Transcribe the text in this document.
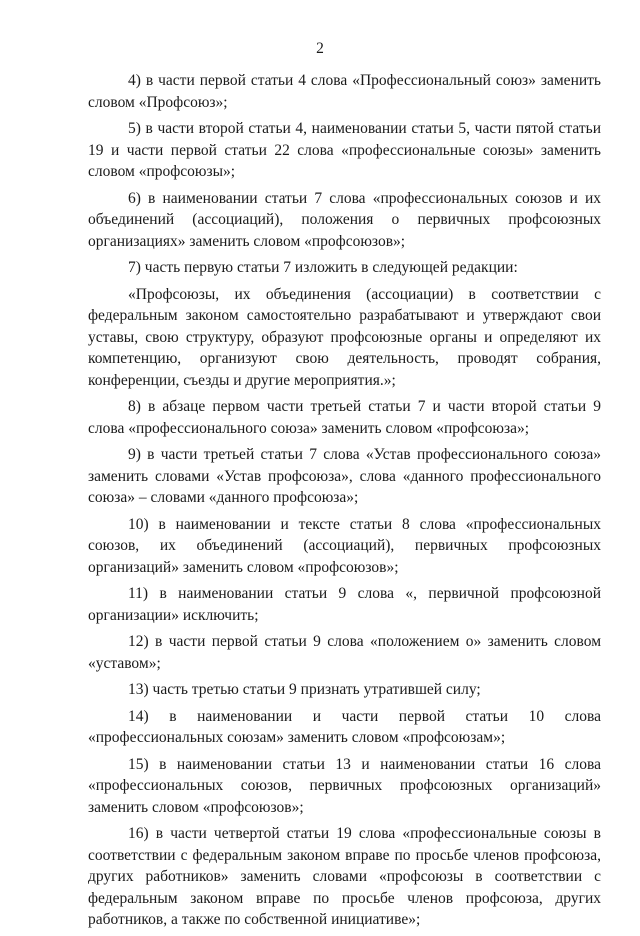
2

4) в части первой статьи 4 слова «Профессиональный союз» заменить словом «Профсоюз»;

5) в части второй статьи 4, наименовании статьи 5, части пятой статьи 19 и части первой статьи 22 слова «профессиональные союзы» заменить словом «профсоюзы»;

6) в наименовании статьи 7 слова «профессиональных союзов и их объединений (ассоциаций), положения о первичных профсоюзных организациях» заменить словом «профсоюзов»;

7) часть первую статьи 7 изложить в следующей редакции:

«Профсоюзы, их объединения (ассоциации) в соответствии с федеральным законом самостоятельно разрабатывают и утверждают свои уставы, свою структуру, образуют профсоюзные органы и определяют их компетенцию, организуют свою деятельность, проводят собрания, конференции, съезды и другие мероприятия.»;

8) в абзаце первом части третьей статьи 7 и части второй статьи 9 слова «профессионального союза» заменить словом «профсоюза»;

9) в части третьей статьи 7 слова «Устав профессионального союза» заменить словами «Устав профсоюза», слова «данного профессионального союза» – словами «данного профсоюза»;

10) в наименовании и тексте статьи 8 слова «профессиональных союзов, их объединений (ассоциаций), первичных профсоюзных организаций» заменить словом «профсоюзов»;

11) в наименовании статьи 9 слова «, первичной профсоюзной организации» исключить;

12) в части первой статьи 9 слова «положением о» заменить словом «уставом»;

13) часть третью статьи 9 признать утратившей силу;

14) в наименовании и части первой статьи 10 слова «профессиональных союзам» заменить словом «профсоюзам»;

15) в наименовании статьи 13 и наименовании статьи 16 слова «профессиональных союзов, первичных профсоюзных организаций» заменить словом «профсоюзов»;

16) в части четвертой статьи 19 слова «профессиональные союзы в соответствии с федеральным законом вправе по просьбе членов профсоюза, других работников» заменить словами «профсоюзы в соответствии с федеральным законом вправе по просьбе членов профсоюза, других работников, а также по собственной инициативе»;
